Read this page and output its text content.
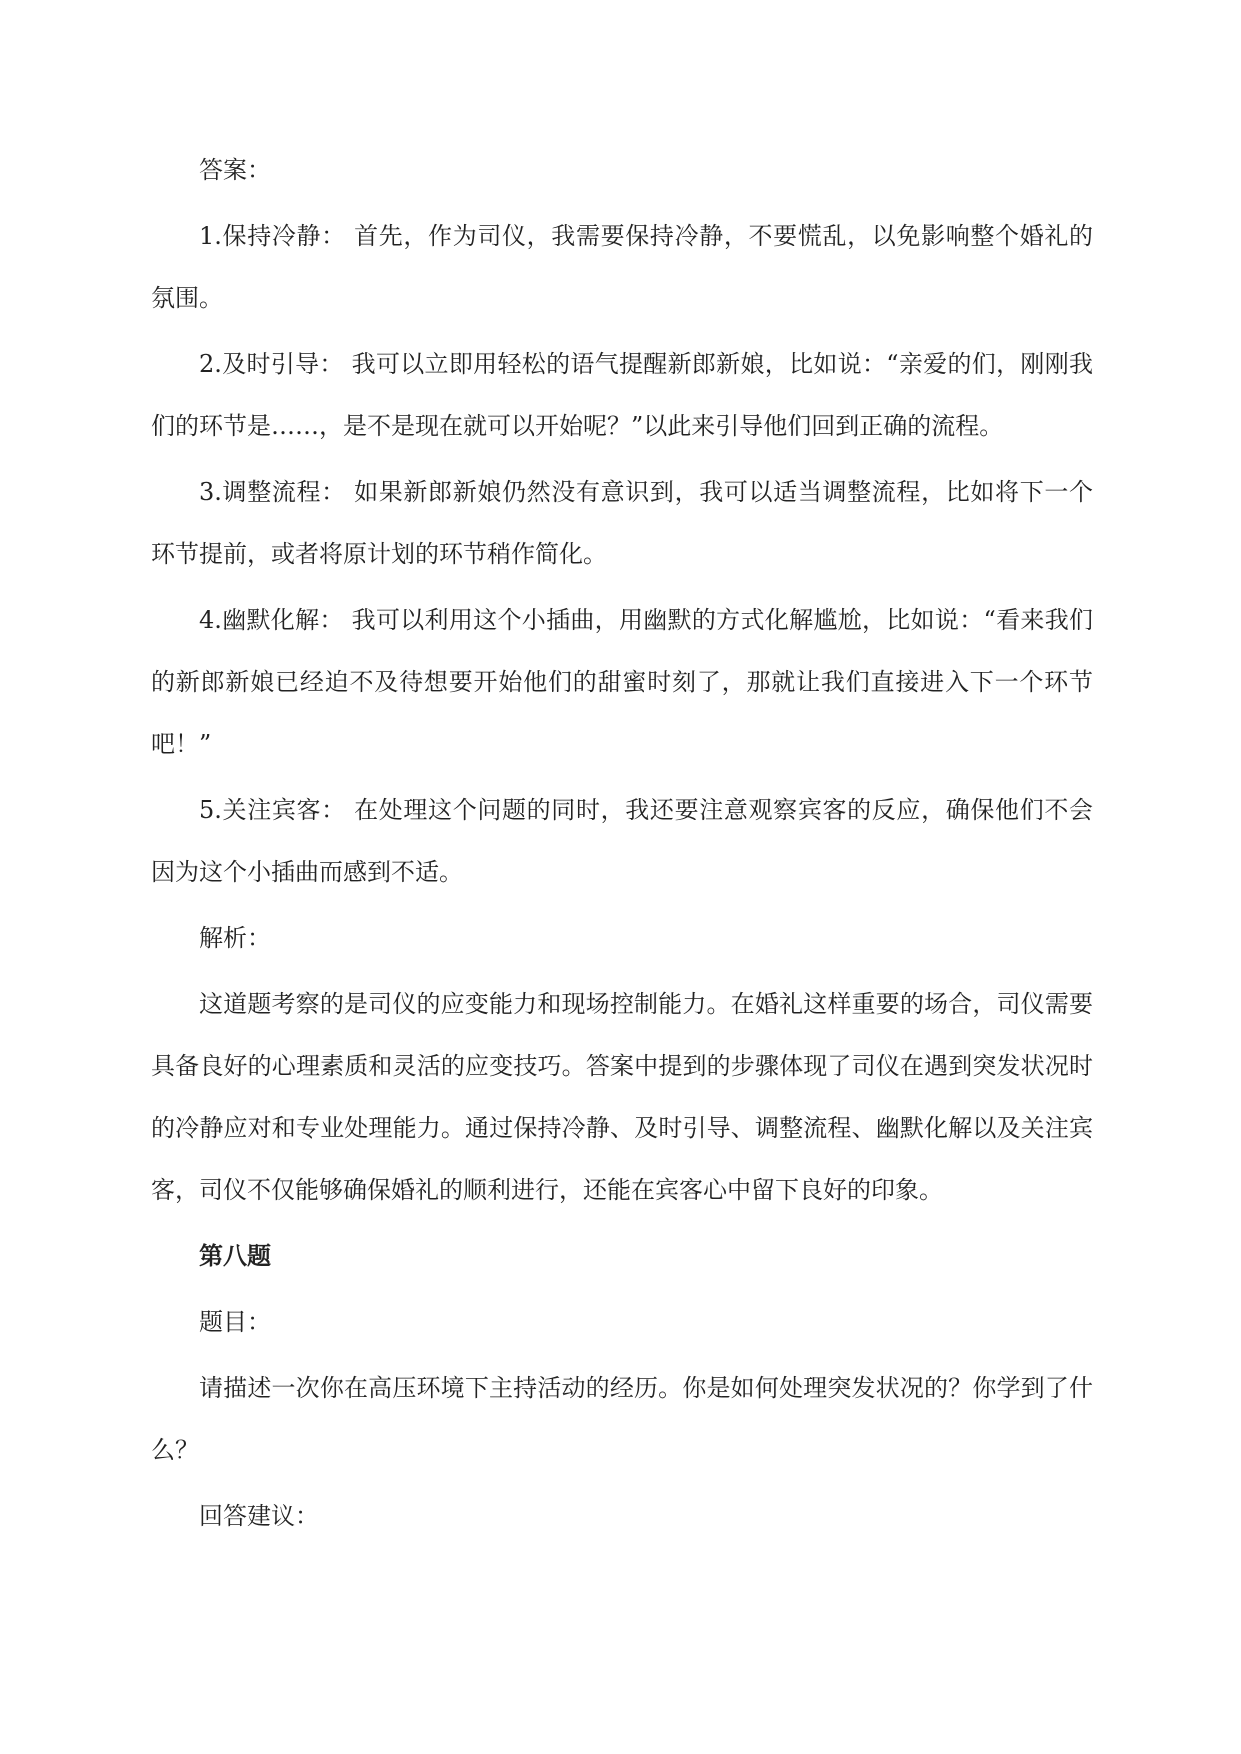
答案：

1.保持冷静： 首先，作为司仪，我需要保持冷静，不要慌乱，以免影响整个婚礼的氛围。

2.及时引导： 我可以立即用轻松的语气提醒新郎新娘，比如说：“亲爱的们，刚刚我们的环节是……，是不是现在就可以开始呢？”以此来引导他们回到正确的流程。

3.调整流程： 如果新郎新娘仍然没有意识到，我可以适当调整流程，比如将下一个环节提前，或者将原计划的环节稍作简化。

4.幽默化解： 我可以利用这个小插曲，用幽默的方式化解尴尬，比如说：“看来我们的新郎新娘已经迫不及待想要开始他们的甜蜜时刻了，那就让我们直接进入下一个环节吧！”

5.关注宾客： 在处理这个问题的同时，我还要注意观察宾客的反应，确保他们不会因为这个小插曲而感到不适。

解析：

这道题考察的是司仪的应变能力和现场控制能力。在婚礼这样重要的场合，司仪需要具备良好的心理素质和灵活的应变技巧。答案中提到的步骤体现了司仪在遇到突发状况时的冷静应对和专业处理能力。通过保持冷静、及时引导、调整流程、幽默化解以及关注宾客，司仪不仅能够确保婚礼的顺利进行，还能在宾客心中留下良好的印象。

第八题

题目：

请描述一次你在高压环境下主持活动的经历。你是如何处理突发状况的？你学到了什么？

回答建议：
